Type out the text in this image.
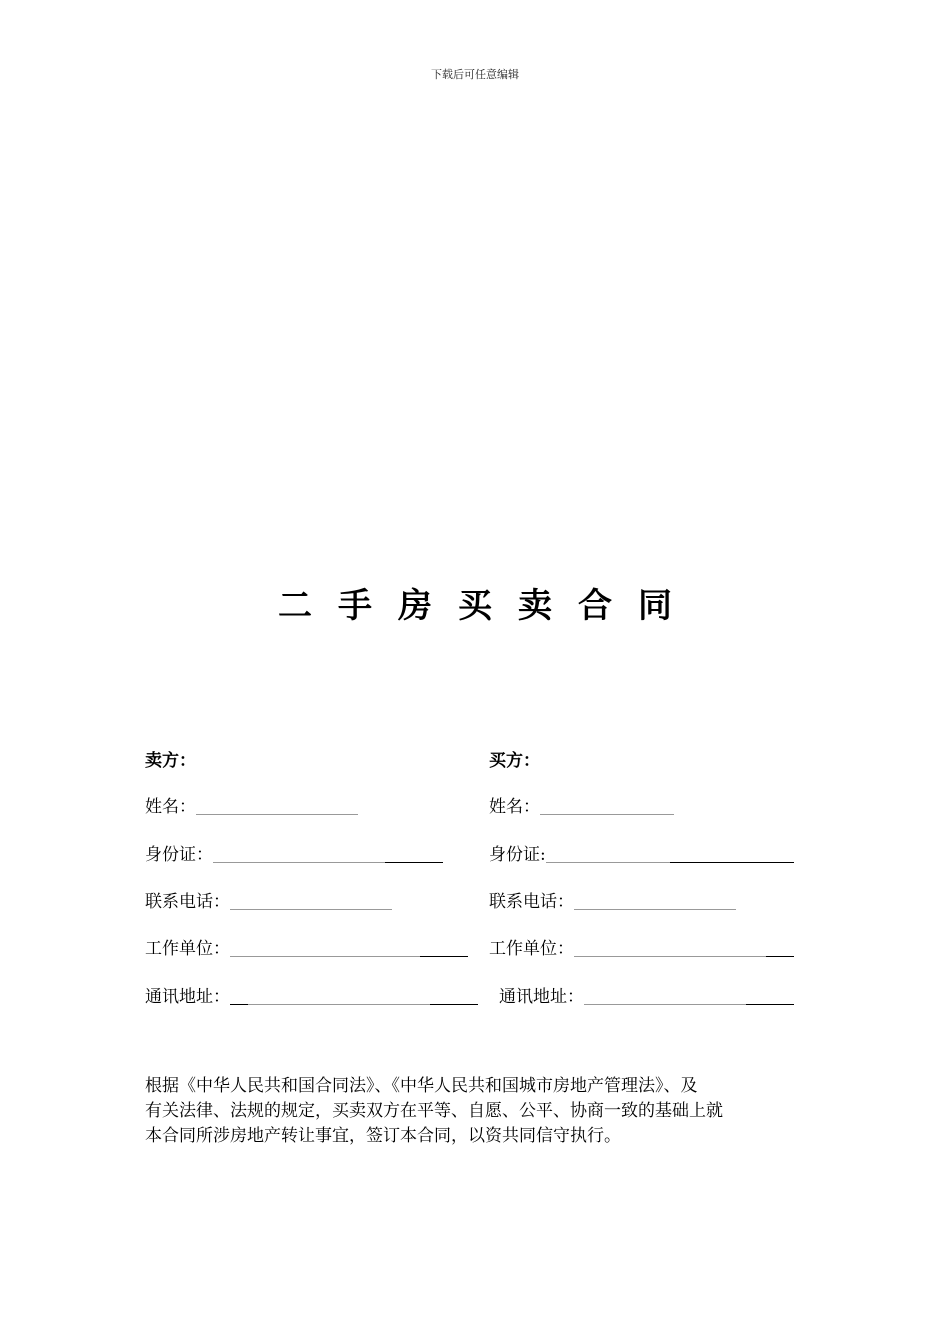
下载后可任意编辑
二手房买卖合同
卖方：
姓名：
身份证：
联系电话：
工作单位：
通讯地址：
买方：
姓名：
身份证:
联系电话：
工作单位：
通讯地址：
根据《中华人民共和国合同法》、《中华人民共和国城市房地产管理法》、及
有关法律、法规的规定，买卖双方在平等、自愿、公平、协商一致的基础上就
本合同所涉房地产转让事宜，签订本合同，以资共同信守执行。
